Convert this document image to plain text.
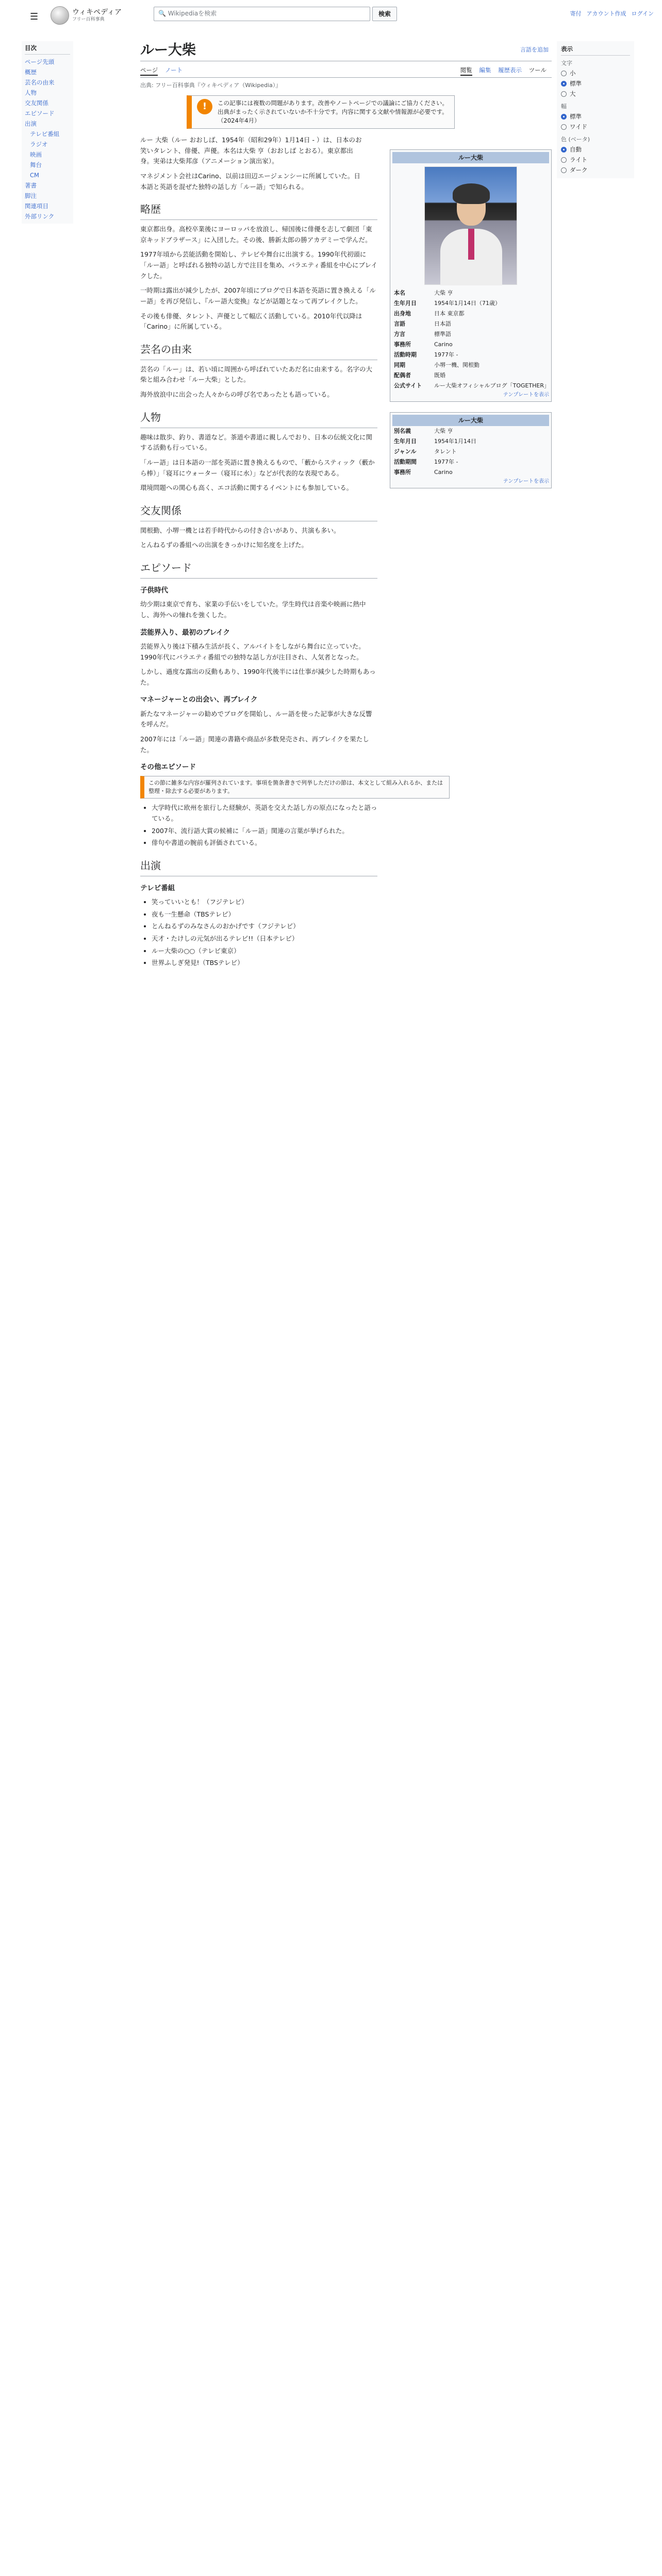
☰	ウィキペディア
フリー百科事典
🔍 Wikipediaを検索	検索	寄付 アカウント作成 ログイン
目次
ページ先頭
概歴
芸名の由来
人物
交友関係
エピソード
出演
テレビ番組
ラジオ
映画
舞台
CM
著書
脚注
関連項目
外部リンク
ルー大柴	言語を追加
ページ ノート	閲覧 編集 履歴表示 ツール
出典: フリー百科事典『ウィキペディア（Wikipedia）』
!	この記事には複数の問題があります。改善やノートページでの議論にご協力ください。出典がまったく示されていないか不十分です。内容に関する文献や情報源が必要です。（2024年4月）
ルー大柴
本名	大柴 亨
生年月日	1954年1月14日（71歳）
出身地	日本 東京都
言語	日本語
方言	標準語
事務所	Carino
活動時期	1977年 -
同期	小堺一機、関根勤
配偶者	既婚
公式サイト	ルー大柴オフィシャルブログ「TOGETHER」
テンプレートを表示
ルー大柴
別名義	大柴 亨
生年月日	1954年1月14日
ジャンル	タレント
活動期間	1977年 -
事務所	Carino
テンプレートを表示

ルー 大柴（ルー おおしば、1954年（昭和29年）1月14日 - ）は、日本のお笑いタレント、俳優、声優。本名は大柴 亨（おおしば とおる）。東京都出身。実弟は大柴邦彦（アニメーション演出家）。

マネジメント会社はCarino、以前は田辺エージェンシーに所属していた。日本語と英語を混ぜた独特の話し方「ルー語」で知られる。

略歴

東京都出身。高校卒業後にヨーロッパを放浪し、帰国後に俳優を志して劇団「東京キッドブラザース」に入団した。その後、勝新太郎の勝アカデミーで学んだ。

1977年頃から芸能活動を開始し、テレビや舞台に出演する。1990年代初頭に「ルー語」と呼ばれる独特の話し方で注目を集め、バラエティ番組を中心にブレイクした。

一時期は露出が減少したが、2007年頃にブログで日本語を英語に置き換える「ルー語」を再び発信し、『ルー語大変換』などが話題となって再ブレイクした。

その後も俳優、タレント、声優として幅広く活動している。2010年代以降は「Carino」に所属している。

芸名の由来

芸名の「ルー」は、若い頃に周囲から呼ばれていたあだ名に由来する。名字の大柴と組み合わせ「ルー大柴」とした。

海外放浪中に出会った人々からの呼び名であったとも語っている。

人物

趣味は散歩、釣り、書道など。茶道や書道に親しんでおり、日本の伝統文化に関する活動も行っている。

「ルー語」は日本語の一部を英語に置き換えるもので、「藪からスティック（藪から棒）」「寝耳にウォーター（寝耳に水）」などが代表的な表現である。

環境問題への関心も高く、エコ活動に関するイベントにも参加している。

交友関係

関根勤、小堺一機とは若手時代からの付き合いがあり、共演も多い。

とんねるずの番組への出演をきっかけに知名度を上げた。

エピソード
子供時代

幼少期は東京で育ち、家業の手伝いをしていた。学生時代は音楽や映画に熱中し、海外への憧れを強くした。

芸能界入り、最初のブレイク

芸能界入り後は下積み生活が長く、アルバイトをしながら舞台に立っていた。1990年代にバラエティ番組での独特な話し方が注目され、人気者となった。

しかし、過度な露出の反動もあり、1990年代後半には仕事が減少した時期もあった。

マネージャーとの出会い、再ブレイク

新たなマネージャーの勧めでブログを開始し、ルー語を使った記事が大きな反響を呼んだ。

2007年には「ルー語」関連の書籍や商品が多数発売され、再ブレイクを果たした。

その他エピソード
この節に雑多な内容が羅列されています。事項を箇条書きで列挙しただけの節は、本文として組み入れるか、または整理・除去する必要があります。
• 大学時代に欧州を旅行した経験が、英語を交えた話し方の原点になったと語っている。
• 2007年、流行語大賞の候補に「ルー語」関連の言葉が挙げられた。
• 俳句や書道の腕前も評価されている。
出演
テレビ番組
• 笑っていいとも！（フジテレビ）
• 夜も一生懸命（TBSテレビ）
• とんねるずのみなさんのおかげです（フジテレビ）
• 天才・たけしの元気が出るテレビ!!（日本テレビ）
• ルー大柴の○○（テレビ東京）
• 世界ふしぎ発見!（TBSテレビ）
表示
文字
小
標準
大
幅
標準
ワイド
色 (ベータ)
自動
ライト
ダーク
